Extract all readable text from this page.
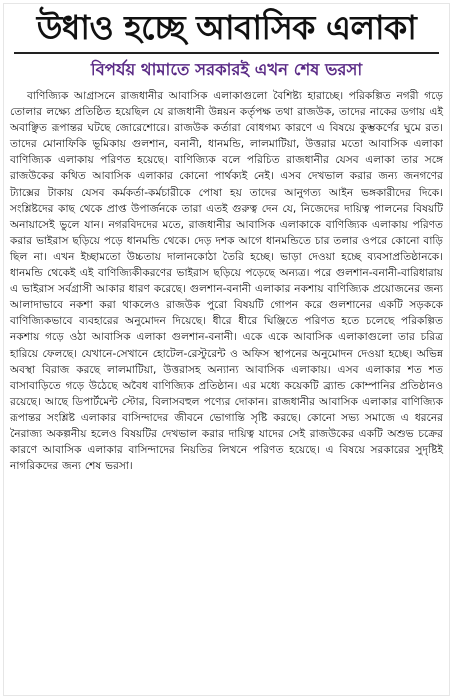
উধাও হচ্ছে আবাসিক এলাকা
বিপর্যয় থামাতে সরকারই এখন শেষ ভরসা

বাণিজ্যিক আগ্রাসনে রাজধানীর আবাসিক এলাকাগুলো বৈশিষ্ট্য হারাচ্ছে। পরিকল্পিত নগরী গড়ে তোলার লক্ষ্যে প্রতিষ্ঠিত হয়েছিল যে রাজধানী উন্নয়ন কর্তৃপক্ষ তথা রাজউক, তাদের নাকের ডগায় এই অবাঞ্ছিত রূপান্তর ঘটছে জোরেশোরে। রাজউক কর্তারা বোধগম্য কারণে এ বিষয়ে কুম্ভকর্ণের ঘুমে রত। তাদের মোনাফিকি ভূমিকায় গুলশান, বনানী, ধানমন্ডি, লালমাটিয়া, উত্তরার মতো আবাসিক এলাকা বাণিজ্যিক এলাকায় পরিণত হয়েছে। বাণিজ্যিক বলে পরিচিত রাজধানীর যেসব এলাকা তার সঙ্গে রাজউকের কথিত আবাসিক এলাকার কোনো পার্থক্যই নেই। এসব দেখভাল করার জন্য জনগণের ট্যাক্সের টাকায় যেসব কর্মকর্তা-কর্মচারীকে পোষা হয় তাদের আনুগত্য আইন ভঙ্গকারীদের দিকে। সংশ্লিষ্টদের কাছ থেকে প্রাপ্ত উপার্জনকে তারা এতই গুরুত্ব দেন যে, নিজেদের দায়িত্ব পালনের বিষয়টি অনায়াসেই ভুলে যান। নগরবিদদের মতে, রাজধানীর আবাসিক এলাকাকে বাণিজ্যিক এলাকায় পরিণত করার ভাইরাস ছড়িয়ে পড়ে ধানমন্ডি থেকে। দেড় দশক আগে ধানমন্ডিতে চার তলার ওপরে কোনো বাড়ি ছিল না। এখন ইচ্ছামতো উচ্চতায় দালানকোঠা তৈরি হচ্ছে। ভাড়া দেওয়া হচ্ছে ব্যবসাপ্রতিষ্ঠানকে। ধানমন্ডি থেকেই এই বাণিজ্যিকীকরণের ভাইরাস ছড়িয়ে পড়েছে অন্যত্র। পরে গুলশান-বনানী-বারিধারায় এ ভাইরাস সর্বগ্রাসী আকার ধারণ করেছে। গুলশান-বনানী এলাকার নকশায় বাণিজ্যিক প্রয়োজনের জন্য আলাদাভাবে নকশা করা থাকলেও রাজউক পুরো বিষয়টি গোপন করে গুলশানের একটি সড়ককে বাণিজ্যিকভাবে ব্যবহারের অনুমোদন দিয়েছে। ধীরে ধীরে ঘিঞ্জিতে পরিণত হতে চলেছে পরিকল্পিত নকশায় গড়ে ওঠা আবাসিক এলাকা গুলশান-বনানী। একে একে আবাসিক এলাকাগুলো তার চরিত্র হারিয়ে ফেলছে। যেখানে-সেখানে হোটেল-রেস্টুরেন্ট ও অফিস স্থাপনের অনুমোদন দেওয়া হচ্ছে। অভিন্ন অবস্থা বিরাজ করছে লালমাটিয়া, উত্তরাসহ অন্যান্য আবাসিক এলাকায়। এসব এলাকার শত শত বাসাবাড়িতে গড়ে উঠেছে অবৈধ বাণিজ্যিক প্রতিষ্ঠান। এর মধ্যে কয়েকটি ব্র্যান্ড কোম্পানির প্রতিষ্ঠানও রয়েছে। আছে ডিপার্টমেন্ট স্টোর, বিলাসবহুল পণ্যের দোকান। রাজধানীর আবাসিক এলাকার বাণিজ্যিক রূপান্তর সংশ্লিষ্ট এলাকার বাসিন্দাদের জীবনে ভোগান্তি সৃষ্টি করছে। কোনো সভ্য সমাজে এ ধরনের নৈরাজ্য অকল্পনীয় হলেও বিষয়টির দেখভাল করার দায়িত্ব যাদের সেই রাজউকের একটি অশুভ চক্রের কারণে আবাসিক এলাকার বাসিন্দাদের নিয়তির লিখনে পরিণত হয়েছে। এ বিষয়ে সরকারের সুদৃষ্টিই নাগরিকদের জন্য শেষ ভরসা।
